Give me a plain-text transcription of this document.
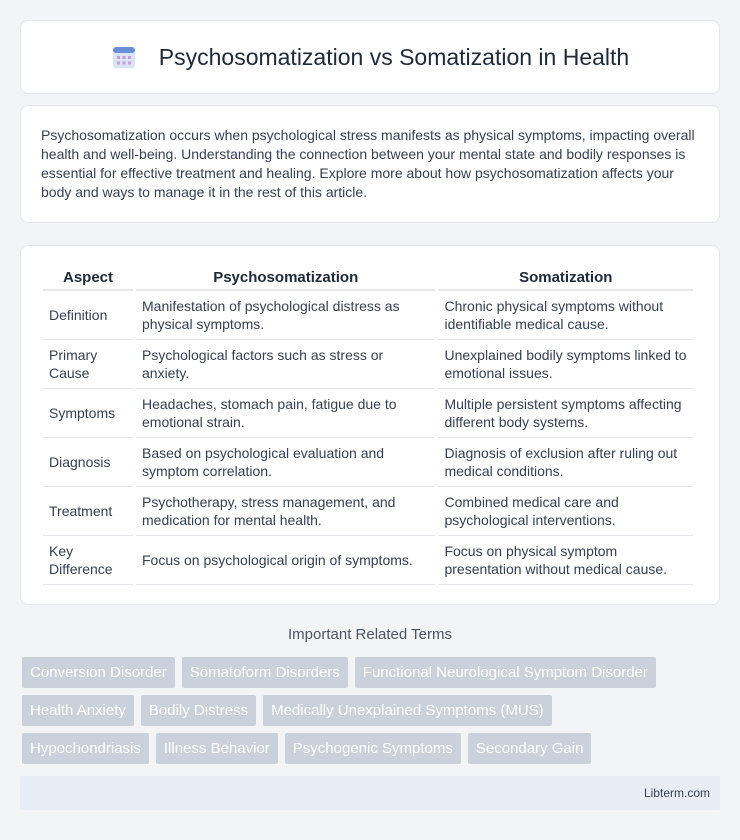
Psychosomatization vs Somatization in Health

Psychosomatization occurs when psychological stress manifests as physical symptoms, impacting overall health and well-being. Understanding the connection between your mental state and bodily responses is essential for effective treatment and healing. Explore more about how psychosomatization affects your body and ways to manage it in the rest of this article.

Aspect	Psychosomatization	Somatization
Definition	Manifestation of psychological distress as physical symptoms.	Chronic physical symptoms without identifiable medical cause.
Primary Cause	Psychological factors such as stress or anxiety.	Unexplained bodily symptoms linked to emotional issues.
Symptoms	Headaches, stomach pain, fatigue due to emotional strain.	Multiple persistent symptoms affecting different body systems.
Diagnosis	Based on psychological evaluation and symptom correlation.	Diagnosis of exclusion after ruling out medical conditions.
Treatment	Psychotherapy, stress management, and medication for mental health.	Combined medical care and psychological interventions.
Key Difference	Focus on psychological origin of symptoms.	Focus on physical symptom presentation without medical cause.
Important Related Terms
Conversion Disorder	Somatoform Disorders	Functional Neurological Symptom Disorder
Health Anxiety	Bodily Distress	Medically Unexplained Symptoms (MUS)
Hypochondriasis	Illness Behavior	Psychogenic Symptoms	Secondary Gain
Libterm.com
